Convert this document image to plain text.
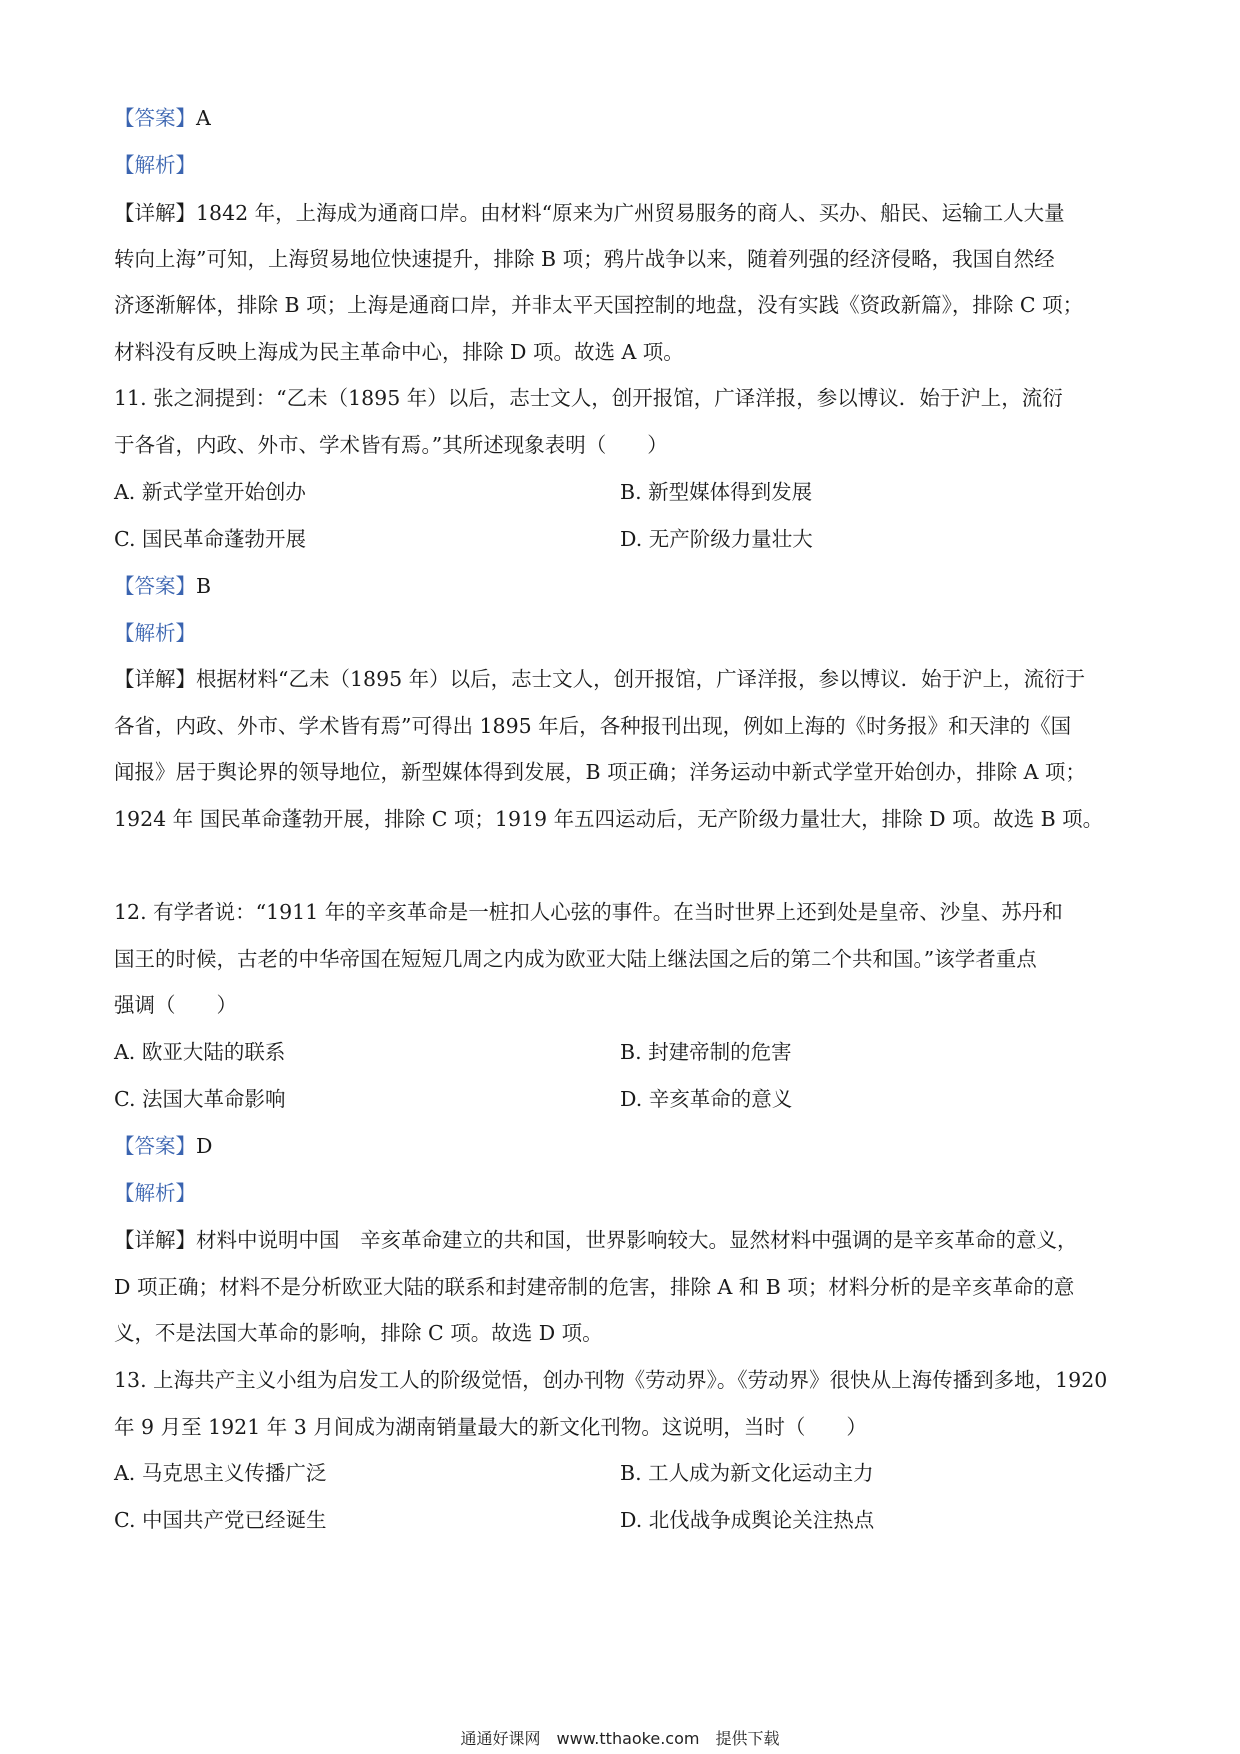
【答案】A
【解析】
【详解】1842 年，上海成为通商口岸。由材料“原来为广州贸易服务的商人、买办、船民、运输工人大量
转向上海”可知，上海贸易地位快速提升，排除 B 项；鸦片战争以来，随着列强的经济侵略，我国自然经
济逐渐解体，排除 B 项；上海是通商口岸，并非太平天国控制的地盘，没有实践《资政新篇》，排除 C 项；
材料没有反映上海成为民主革命中心，排除 D 项。故选 A 项。
11. 张之洞提到：“乙未（1895 年）以后，志士文人，创开报馆，广译洋报，参以博议．始于沪上，流衍
于各省，内政、外市、学术皆有焉。”其所述现象表明（　　）
A. 新式学堂开始创办	B. 新型媒体得到发展
C. 国民革命蓬勃开展	D. 无产阶级力量壮大
【答案】B
【解析】
【详解】根据材料“乙未（1895 年）以后，志士文人，创开报馆，广译洋报，参以博议．始于沪上，流衍于
各省，内政、外市、学术皆有焉”可得出 1895 年后，各种报刊出现，例如上海的《时务报》和天津的《国
闻报》居于舆论界的领导地位，新型媒体得到发展，B 项正确；洋务运动中新式学堂开始创办，排除 A 项；
1924 年 国民革命蓬勃开展，排除 C 项；1919 年五四运动后，无产阶级力量壮大，排除 D 项。故选 B 项。
12. 有学者说：“1911 年的辛亥革命是一桩扣人心弦的事件。在当时世界上还到处是皇帝、沙皇、苏丹和
国王的时候，古老的中华帝国在短短几周之内成为欧亚大陆上继法国之后的第二个共和国。”该学者重点
强调（　　）
A. 欧亚大陆的联系	B. 封建帝制的危害
C. 法国大革命影响	D. 辛亥革命的意义
【答案】D
【解析】
【详解】材料中说明中国　辛亥革命建立的共和国，世界影响较大。显然材料中强调的是辛亥革命的意义，
D 项正确；材料不是分析欧亚大陆的联系和封建帝制的危害，排除 A 和 B 项；材料分析的是辛亥革命的意
义，不是法国大革命的影响，排除 C 项。故选 D 项。
13. 上海共产主义小组为启发工人的阶级觉悟，创办刊物《劳动界》。《劳动界》很快从上海传播到多地，1920
年 9 月至 1921 年 3 月间成为湖南销量最大的新文化刊物。这说明，当时（　　）
A. 马克思主义传播广泛	B. 工人成为新文化运动主力
C. 中国共产党已经诞生	D. 北伐战争成舆论关注热点
通通好课网　www.tthaoke.com　提供下载
